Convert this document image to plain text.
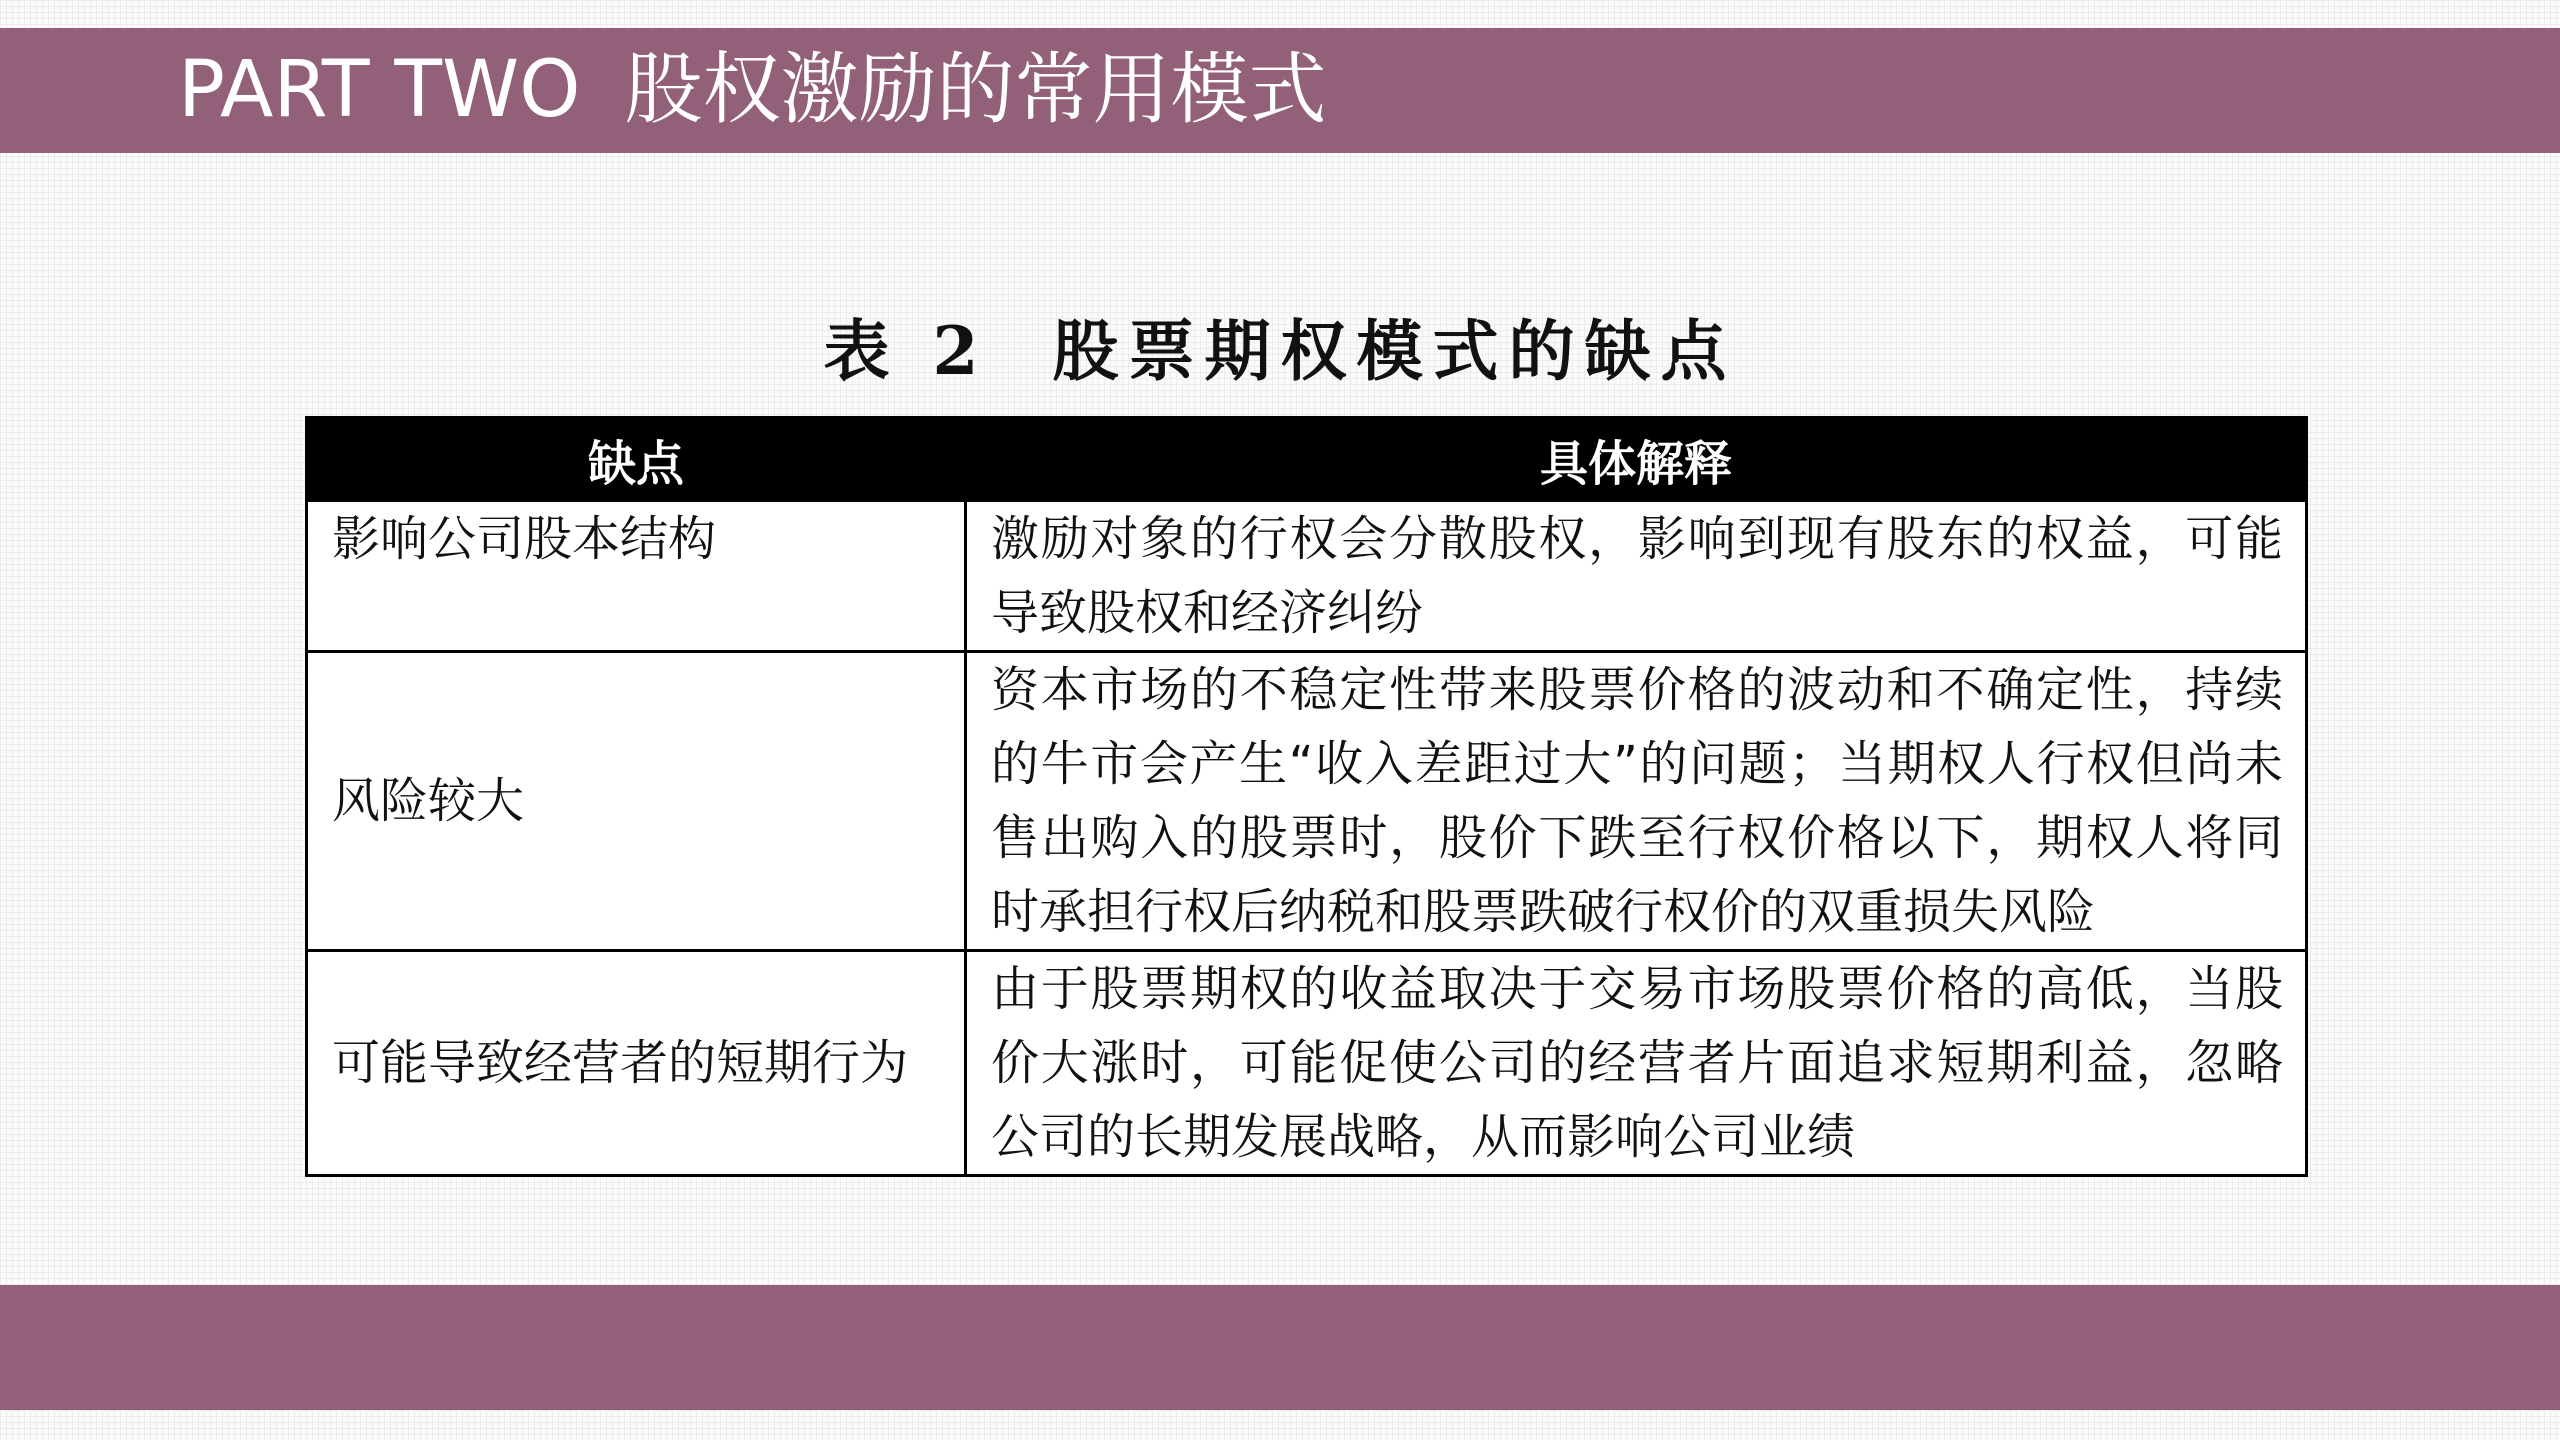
PART TWO 股权激励的常用模式
表 2 股票期权模式的缺点
缺点	具体解释
影响公司股本结构	激励对象的行权会分散股权，影响到现有股东的权益，可能导致股权和经济纠纷
风险较大	资本市场的不稳定性带来股票价格的波动和不确定性，持续的牛市会产生“收入差距过大”的问题；当期权人行权但尚未售出购入的股票时，股价下跌至行权价格以下，期权人将同时承担行权后纳税和股票跌破行权价的双重损失风险
可能导致经营者的短期行为	由于股票期权的收益取决于交易市场股票价格的高低，当股价大涨时，可能促使公司的经营者片面追求短期利益，忽略公司的长期发展战略，从而影响公司业绩
